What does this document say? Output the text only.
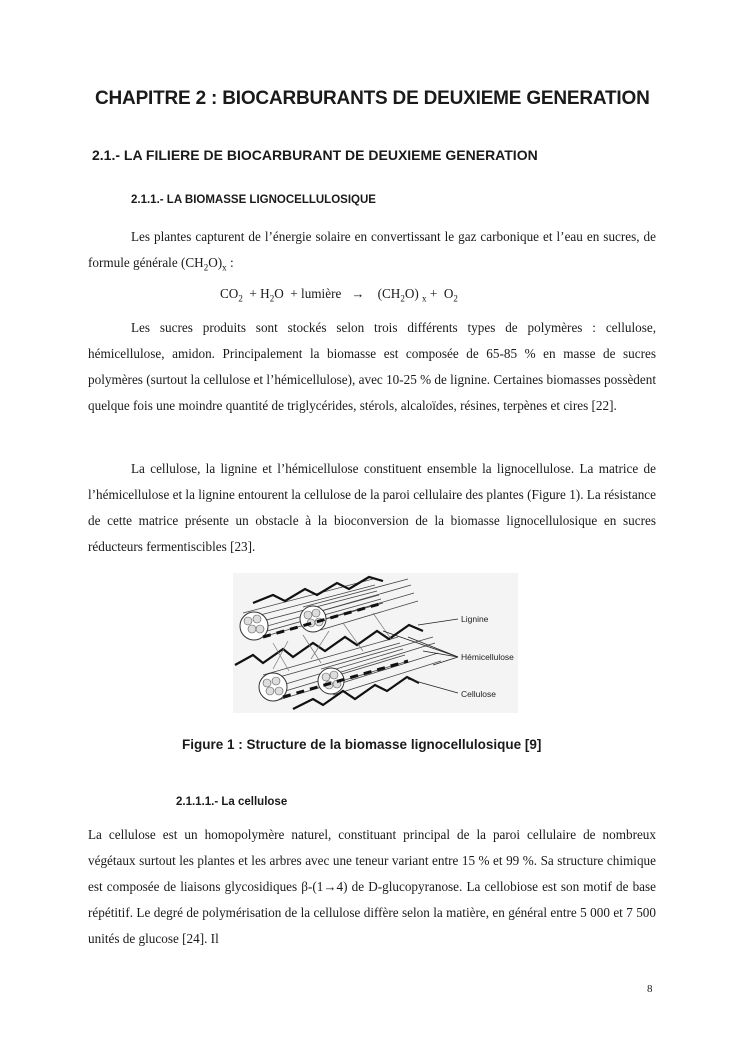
CHAPITRE 2 : BIOCARBURANTS DE DEUXIEME GENERATION
2.1.- LA FILIERE DE BIOCARBURANT DE DEUXIEME GENERATION
2.1.1.- LA BIOMASSE LIGNOCELLULOSIQUE

Les plantes capturent de l’énergie solaire en convertissant le gaz carbonique et l’eau en sucres, de formule générale $(CH_2O)_x$ :

$CO_2 + H_2O$  + lumière → $(CH_2O) _x + O_2$

Les sucres produits sont stockés selon trois différents types de polymères : cellulose, hémicellulose, amidon. Principalement la biomasse est composée de 65-85 % en masse de sucres polymères (surtout la cellulose et l’hémicellulose), avec 10-25 % de lignine. Certaines biomasses possèdent quelque fois une moindre quantité de triglycérides, stérols, alcaloïdes, résines, terpènes et cires [22].

La cellulose, la lignine et l’hémicellulose constituent ensemble la lignocellulose. La matrice de l’hémicellulose et la lignine entourent la cellulose de la paroi cellulaire des plantes (Figure 1). La résistance de cette matrice présente un obstacle à la bioconversion de la biomasse lignocellulosique en sucres réducteurs fermentiscibles [23].

Lignine
Hémicellulose
Cellulose
Figure 1 : Structure de la biomasse lignocellulosique [9]
2.1.1.1.- La cellulose

La cellulose est un homopolymère naturel, constituant principal de la paroi cellulaire de nombreux végétaux surtout les plantes et les arbres avec une teneur variant entre 15 % et 99 %. Sa structure chimique est composée de liaisons glycosidiques β-(1→4) de D-glucopyranose. La cellobiose est son motif de base répétitif. Le degré de polymérisation de la cellulose diffère selon la matière, en général entre 5 000 et 7 500 unités de glucose [24]. Il

8
